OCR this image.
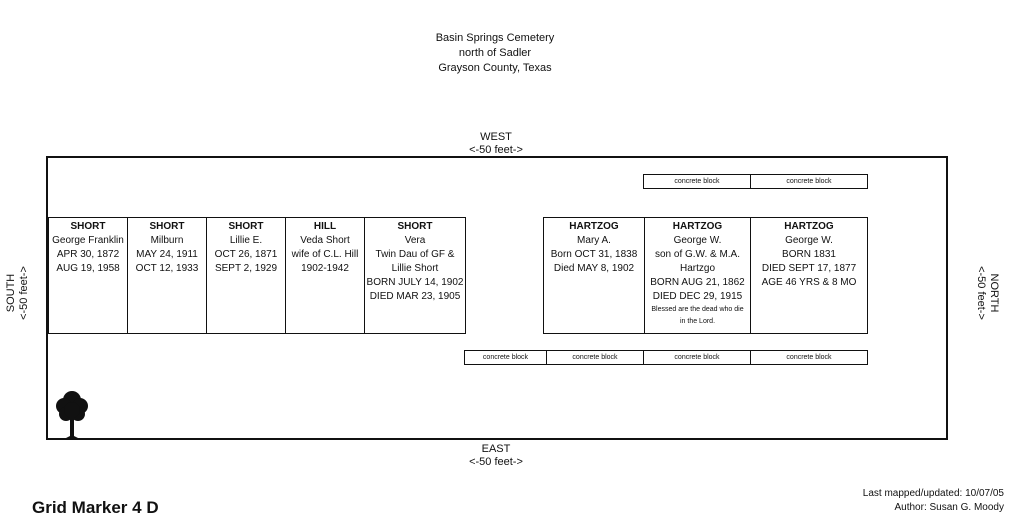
Basin Springs Cemetery
north of Sadler
Grayson County, Texas
WEST
<-50 feet->
EAST
<-50 feet->
SOUTH <-50 feet->	NORTH
<-50 feet->
concrete block	concrete block
SHORT
George Franklin
APR 30, 1872
AUG 19, 1958
SHORT
Milburn
MAY 24, 1911
OCT 12, 1933
SHORT
Lillie E.
OCT 26, 1871
SEPT 2, 1929
HILL
Veda Short
wife of C.L. Hill
1902-1942
SHORT
Vera
Twin Dau of GF &
Lillie Short
BORN JULY 14, 1902
DIED MAR 23, 1905
HARTZOG
Mary A.
Born OCT 31, 1838
Died MAY 8, 1902
HARTZOG
George W.
son of G.W. & M.A.
Hartzgo
BORN AUG 21, 1862
DIED DEC 29, 1915
Blessed are the dead who die
in the Lord.
HARTZOG
George W.
BORN 1831
DIED SEPT 17, 1877
AGE 46 YRS & 8 MO
concrete block	concrete block	concrete block	concrete block
Grid Marker 4 D
Last mapped/updated: 10/07/05
Author: Susan G. Moody
